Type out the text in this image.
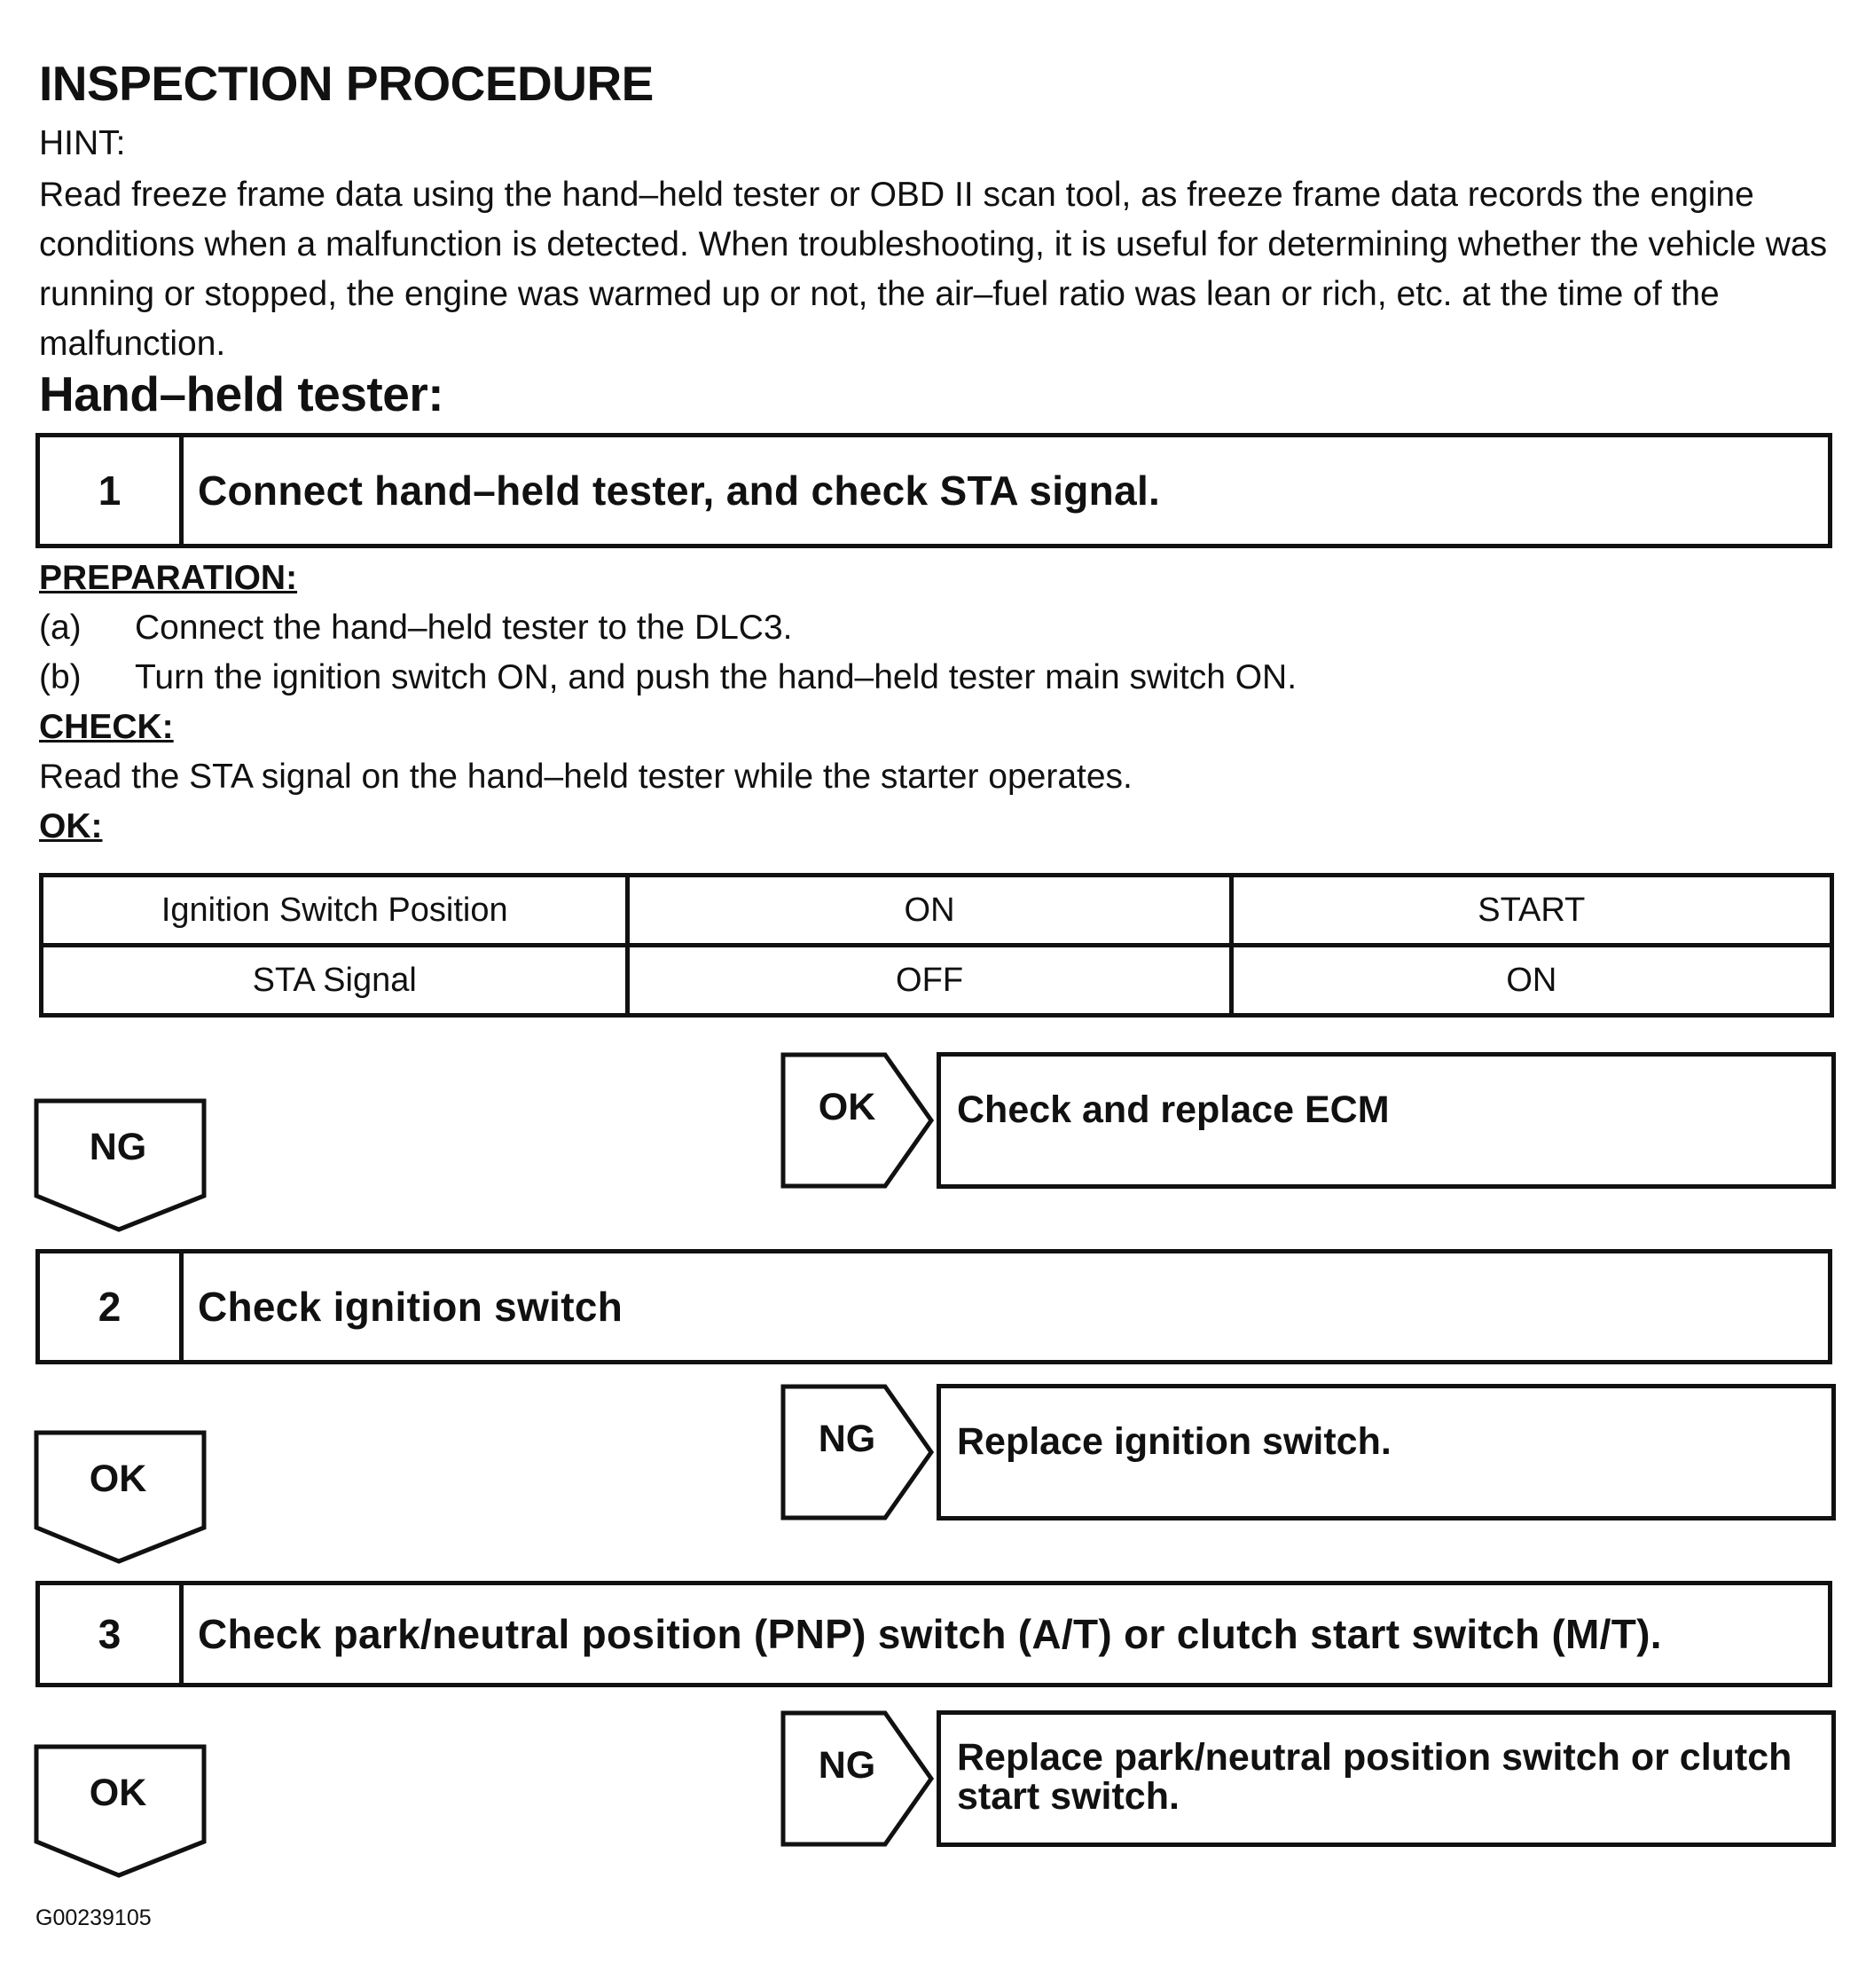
INSPECTION PROCEDURE
HINT:
Read freeze frame data using the hand–held tester or OBD II scan tool, as freeze frame data records the engine conditions when a malfunction is detected. When troubleshooting, it is useful for determining whether the vehicle was running or stopped, the engine was warmed up or not, the air–fuel ratio was lean or rich, etc. at the time of the malfunction.
Hand–held tester:
1	Connect hand–held tester, and check STA signal.
PREPARATION:
(a) Connect the hand–held tester to the DLC3.
(b) Turn the ignition switch ON, and push the hand–held tester main switch ON.
CHECK:
Read the STA signal on the hand–held tester while the starter operates.
OK:
Ignition Switch Position	ON	START
STA Signal	OFF	ON
NG
OK	Check and replace ECM
2	Check ignition switch
OK
NG	Replace ignition switch.
3	Check park/neutral position (PNP) switch (A/T) or clutch start switch (M/T).
OK
NG	Replace park/neutral position switch or clutch start switch.
G00239105
